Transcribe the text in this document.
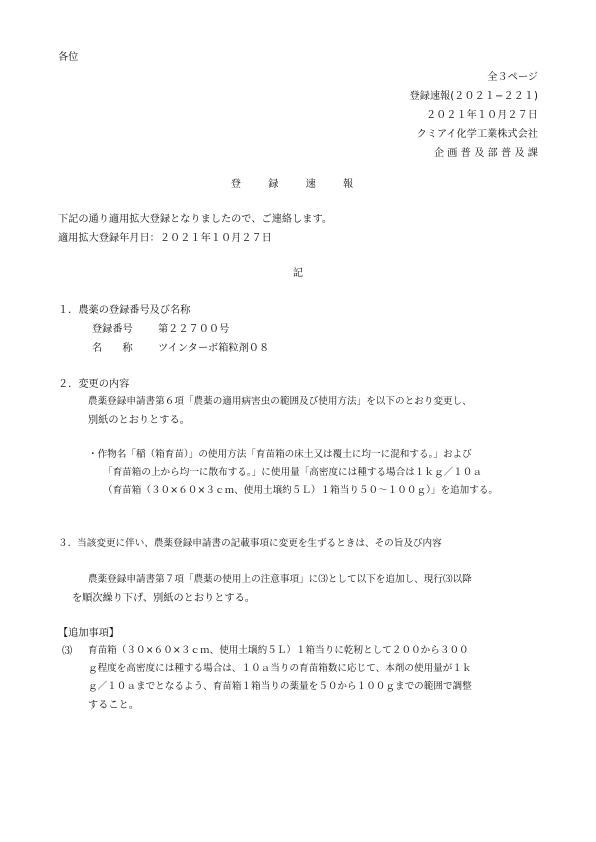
各位
全３ページ
登録速報(２０２１−２２１)
２０２１年１０月２７日
クミアイ化学工業株式会社
企 画 普 及 部 普 及 課
登 録 速 報
下記の通り適用拡大登録となりましたので、ご連絡します。
適用拡大登録年月日：２０２１年１０月２７日
記
１．農薬の登録番号及び名称
登録番号 第２２７００号
名　　称 ツインターボ箱粒剤０８
２．変更の内容
農薬登録申請書第６項「農薬の適用病害虫の範囲及び使用方法」を以下のとおり変更し、
別紙のとおりとする。
・作物名「稲（箱育苗）」の使用方法「育苗箱の床土又は覆土に均一に混和する。」および
「育苗箱の上から均一に散布する。」に使用量「高密度には種する場合は１ｋｇ／１０ａ
（育苗箱（３０×６０×３ｃｍ、使用土壌約５Ｌ）１箱当り５０〜１００ｇ）」を追加する。
３．当該変更に伴い、農薬登録申請書の記載事項に変更を生ずるときは、その旨及び内容
農薬登録申請書第７項「農薬の使用上の注意事項」に⑶として以下を追加し、現行⑶以降
を順次繰り下げ、別紙のとおりとする。
【追加事項】
⑶ 育苗箱（３０×６０×３ｃｍ、使用土壌約５Ｌ）１箱当りに乾籾として２００から３００
ｇ程度を高密度には種する場合は、１０ａ当りの育苗箱数に応じて、本剤の使用量が１ｋ
ｇ／１０ａまでとなるよう、育苗箱１箱当りの薬量を５０から１００ｇまでの範囲で調整
すること。
